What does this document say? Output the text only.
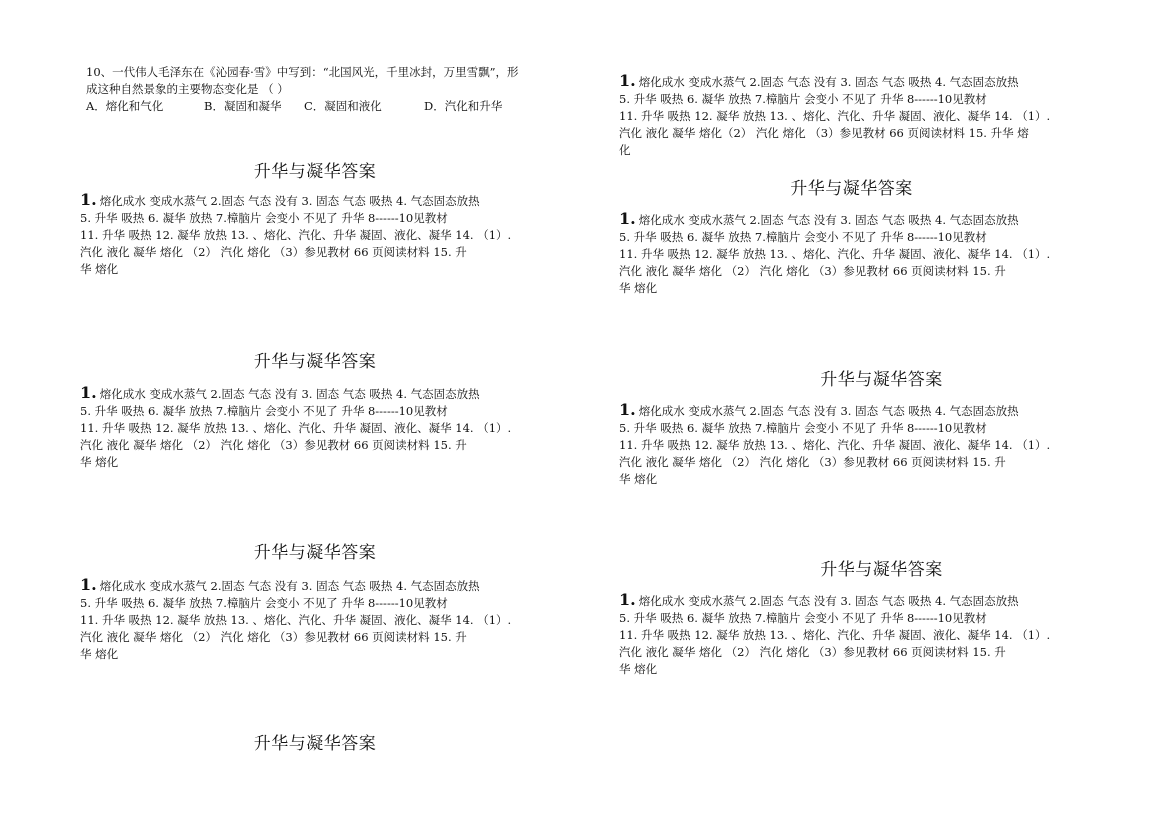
10、一代伟人毛泽东在《沁园春·雪》中写到：“北国风光，千里冰封，万里雪飘”，形
成这种自然景象的主要物态变化是 （ ）
A．熔化和气化	B．凝固和凝华	C．凝固和液化	D．汽化和升华
升华与凝华答案
1. 熔化成水 变成水蒸气 2.固态 气态 没有 3. 固态 气态 吸热 4. 气态固态放热
5. 升华 吸热 6. 凝华 放热 7.樟脑片 会变小 不见了 升华 8------10见教材
11. 升华 吸热 12. 凝华 放热 13. 、熔化、汽化、升华 凝固、液化、凝华 14. （1）.
汽化 液化 凝华 熔化 （2） 汽化 熔化 （3）参见教材 66 页阅读材料 15. 升
华 熔化
升华与凝华答案
1. 熔化成水 变成水蒸气 2.固态 气态 没有 3. 固态 气态 吸热 4. 气态固态放热
5. 升华 吸热 6. 凝华 放热 7.樟脑片 会变小 不见了 升华 8------10见教材
11. 升华 吸热 12. 凝华 放热 13. 、熔化、汽化、升华 凝固、液化、凝华 14. （1）.
汽化 液化 凝华 熔化 （2） 汽化 熔化 （3）参见教材 66 页阅读材料 15. 升
华 熔化
升华与凝华答案
1. 熔化成水 变成水蒸气 2.固态 气态 没有 3. 固态 气态 吸热 4. 气态固态放热
5. 升华 吸热 6. 凝华 放热 7.樟脑片 会变小 不见了 升华 8------10见教材
11. 升华 吸热 12. 凝华 放热 13. 、熔化、汽化、升华 凝固、液化、凝华 14. （1）.
汽化 液化 凝华 熔化 （2） 汽化 熔化 （3）参见教材 66 页阅读材料 15. 升
华 熔化
升华与凝华答案
1. 熔化成水 变成水蒸气 2.固态 气态 没有 3. 固态 气态 吸热 4. 气态固态放热
5. 升华 吸热 6. 凝华 放热 7.樟脑片 会变小 不见了 升华 8------10见教材
11. 升华 吸热 12. 凝华 放热 13. 、熔化、汽化、升华 凝固、液化、凝华 14. （1）.
汽化 液化 凝华 熔化（2） 汽化 熔化 （3）参见教材 66 页阅读材料 15. 升华 熔
化
升华与凝华答案
1. 熔化成水 变成水蒸气 2.固态 气态 没有 3. 固态 气态 吸热 4. 气态固态放热
5. 升华 吸热 6. 凝华 放热 7.樟脑片 会变小 不见了 升华 8------10见教材
11. 升华 吸热 12. 凝华 放热 13. 、熔化、汽化、升华 凝固、液化、凝华 14. （1）.
汽化 液化 凝华 熔化 （2） 汽化 熔化 （3）参见教材 66 页阅读材料 15. 升
华 熔化
升华与凝华答案
1. 熔化成水 变成水蒸气 2.固态 气态 没有 3. 固态 气态 吸热 4. 气态固态放热
5. 升华 吸热 6. 凝华 放热 7.樟脑片 会变小 不见了 升华 8------10见教材
11. 升华 吸热 12. 凝华 放热 13. 、熔化、汽化、升华 凝固、液化、凝华 14. （1）.
汽化 液化 凝华 熔化 （2） 汽化 熔化 （3）参见教材 66 页阅读材料 15. 升
华 熔化
升华与凝华答案
1. 熔化成水 变成水蒸气 2.固态 气态 没有 3. 固态 气态 吸热 4. 气态固态放热
5. 升华 吸热 6. 凝华 放热 7.樟脑片 会变小 不见了 升华 8------10见教材
11. 升华 吸热 12. 凝华 放热 13. 、熔化、汽化、升华 凝固、液化、凝华 14. （1）.
汽化 液化 凝华 熔化 （2） 汽化 熔化 （3）参见教材 66 页阅读材料 15. 升
华 熔化
